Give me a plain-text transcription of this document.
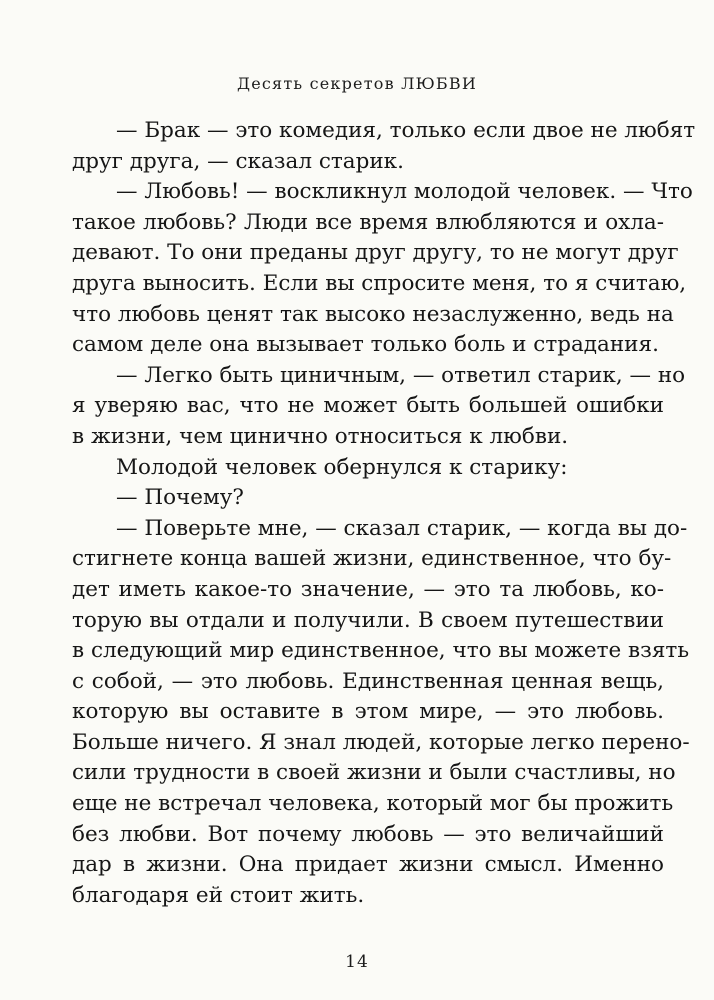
Десять секретов ЛЮБВИ
— Брак — это комедия, только если двое не любят
друг друга, — сказал старик.
— Любовь! — воскликнул молодой человек. — Что
такое любовь? Люди все время влюбляются и охла-
девают. То они преданы друг другу, то не могут друг
друга выносить. Если вы спросите меня, то я считаю,
что любовь ценят так высоко незаслуженно, ведь на
самом деле она вызывает только боль и страдания.
— Легко быть циничным, — ответил старик, — но
я уверяю вас, что не может быть большей ошибки
в жизни, чем цинично относиться к любви.
Молодой человек обернулся к старику:
— Почему?
— Поверьте мне, — сказал старик, — когда вы до-
стигнете конца вашей жизни, единственное, что бу-
дет иметь какое-то значение, — это та любовь, ко-
торую вы отдали и получили. В своем путешествии
в следующий мир единственное, что вы можете взять
с собой, — это любовь. Единственная ценная вещь,
которую вы оставите в этом мире, — это любовь.
Больше ничего. Я знал людей, которые легко перено-
сили трудности в своей жизни и были счастливы, но
еще не встречал человека, который мог бы прожить
без любви. Вот почему любовь — это величайший
дар в жизни. Она придает жизни смысл. Именно
благодаря ей стоит жить.
14
